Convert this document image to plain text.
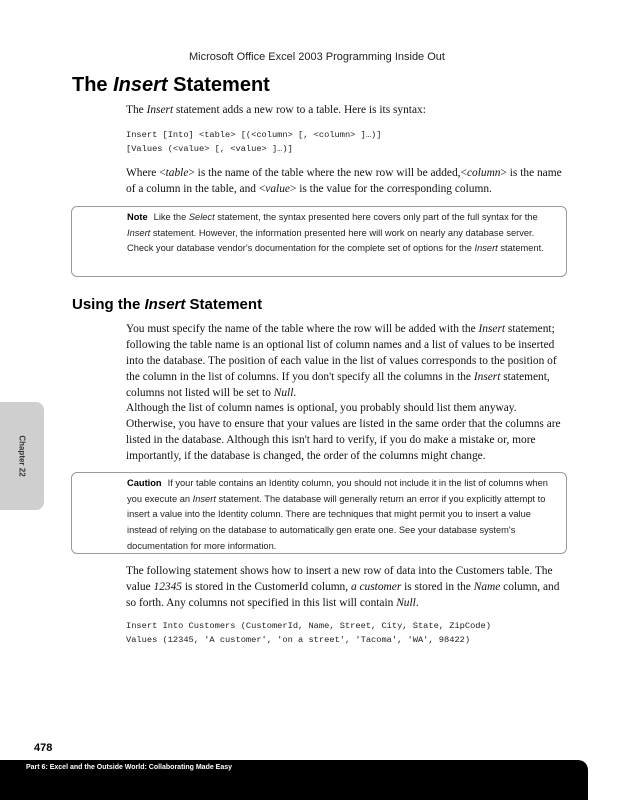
Microsoft Office Excel 2003 Programming Inside Out
The Insert Statement

The Insert statement adds a new row to a table. Here is its syntax:

Insert [Into] <table> [(<column> [, <column> ]…)]
[Values (<value> [, <value> ]…)]

Where <table> is the name of the table where the new row will be added,<column> is the name of a column in the table, and <value> is the value for the corresponding column.

Note Like the Select statement, the syntax presented here covers only part of the full syntax for the Insert statement. However, the information presented here will work on nearly any database server. Check your database vendor's documentation for the complete set of options for the Insert statement.

Using the Insert Statement

You must specify the name of the table where the row will be added with the Insert statement; following the table name is an optional list of column names and a list of values to be inserted into the database. The position of each value in the list of values corresponds to the position of the column in the list of columns. If you don't specify all the columns in the Insert statement, columns not listed will be set to Null.

Although the list of column names is optional, you probably should list them anyway. Otherwise, you have to ensure that your values are listed in the same order that the columns are listed in the database. Although this isn't hard to verify, if you do make a mistake or, more importantly, if the database is changed, the order of the columns might change.

Caution If your table contains an Identity column, you should not include it in the list of columns when you execute an Insert statement. The database will generally return an error if you explicitly attempt to insert a value into the Identity column. There are techniques that might permit you to insert a value instead of relying on the database to automatically gen erate one. See your database system's documentation for more information.

The following statement shows how to insert a new row of data into the Customers table. The value 12345 is stored in the CustomerId column, a customer is stored in the Name column, and so forth. Any columns not specified in this list will contain Null.

Insert Into Customers (CustomerId, Name, Street, City, State, ZipCode)
Values (12345, 'A customer', 'on a street', 'Tacoma', 'WA', 98422)
Chapter 22
478
Part 6: Excel and the Outside World: Collaborating Made Easy
